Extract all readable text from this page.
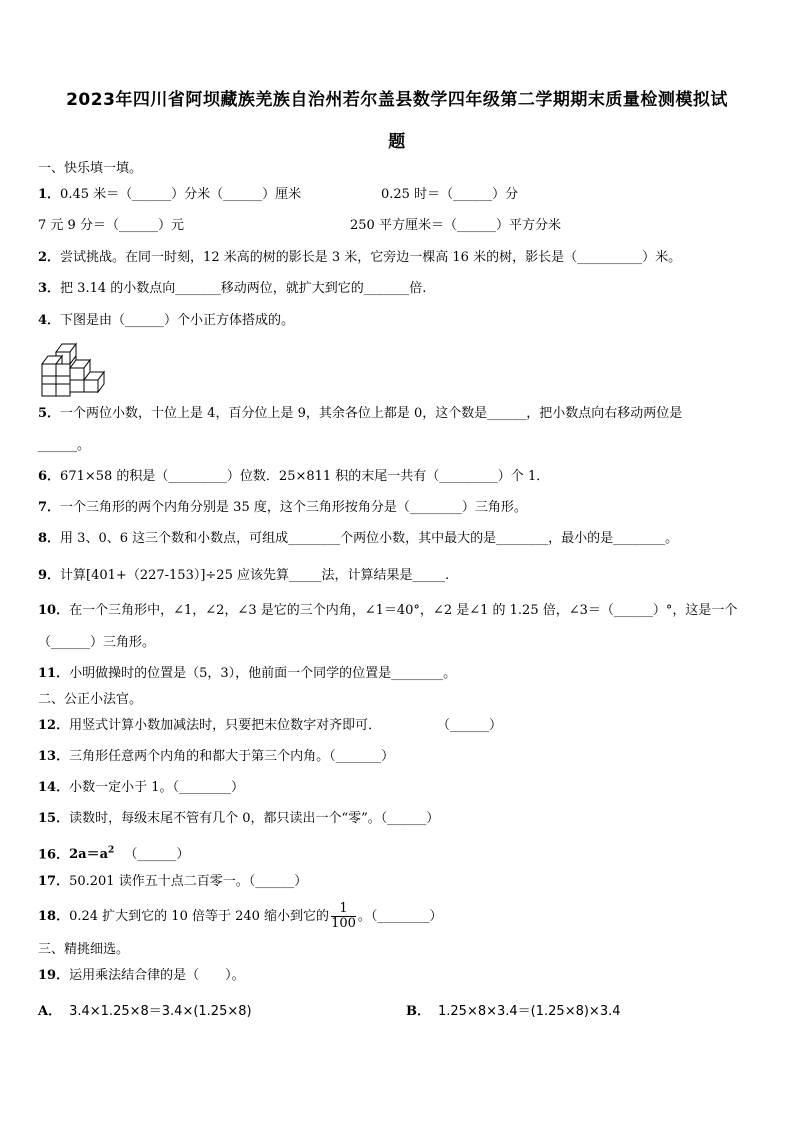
2023年四川省阿坝藏族羌族自治州若尔盖县数学四年级第二学期期末质量检测模拟试
题
一、快乐填一填。
1．0.45 米＝（______）分米（______）厘米	0.25 时＝（______）分
7 元 9 分＝（______）元	250 平方厘米＝（______）平方分米
2．尝试挑战。在同一时刻，12 米高的树的影长是 3 米，它旁边一棵高 16 米的树，影长是（__________）米。
3．把 3.14 的小数点向_______移动两位，就扩大到它的_______倍.
4．下图是由（______）个小正方体搭成的。
5．一个两位小数，十位上是 4，百分位上是 9，其余各位上都是 0，这个数是______，把小数点向右移动两位是
______。
6．671×58 的积是（_________）位数．25×811 积的末尾一共有（_________）个 1．
7．一个三角形的两个内角分别是 35 度，这个三角形按角分是（________）三角形。
8．用 3、0、6 这三个数和小数点，可组成________个两位小数，其中最大的是________，最小的是________。
9．计算[401+（227-153）]÷25 应该先算_____法，计算结果是_____.
10．在一个三角形中，∠1，∠2，∠3 是它的三个内角，∠1＝40°，∠2 是∠1 的 1.25 倍，∠3＝（______）°，这是一个
（______）三角形。
11．小明做操时的位置是（5，3），他前面一个同学的位置是________。
二、公正小法官。
12．用竖式计算小数加减法时，只要把末位数字对齐即可．	（______）
13．三角形任意两个内角的和都大于第三个内角。（_______）
14．小数一定小于 1。（________）
15．读数时，每级末尾不管有几个 0，都只读出一个“零”。（______）
16．$2a=a^2$ （______）
17．50.201 读作五十点二百零一。（______）
18．0.24 扩大到它的 10 倍等于 240 缩小到它的 $\frac{1}{100}$ 。（________）
三、精挑细选。
19．运用乘法结合律的是（　　）。
A． 3.4×1.25×8＝3.4×(1.25×8)	B． 1.25×8×3.4＝(1.25×8)×3.4
